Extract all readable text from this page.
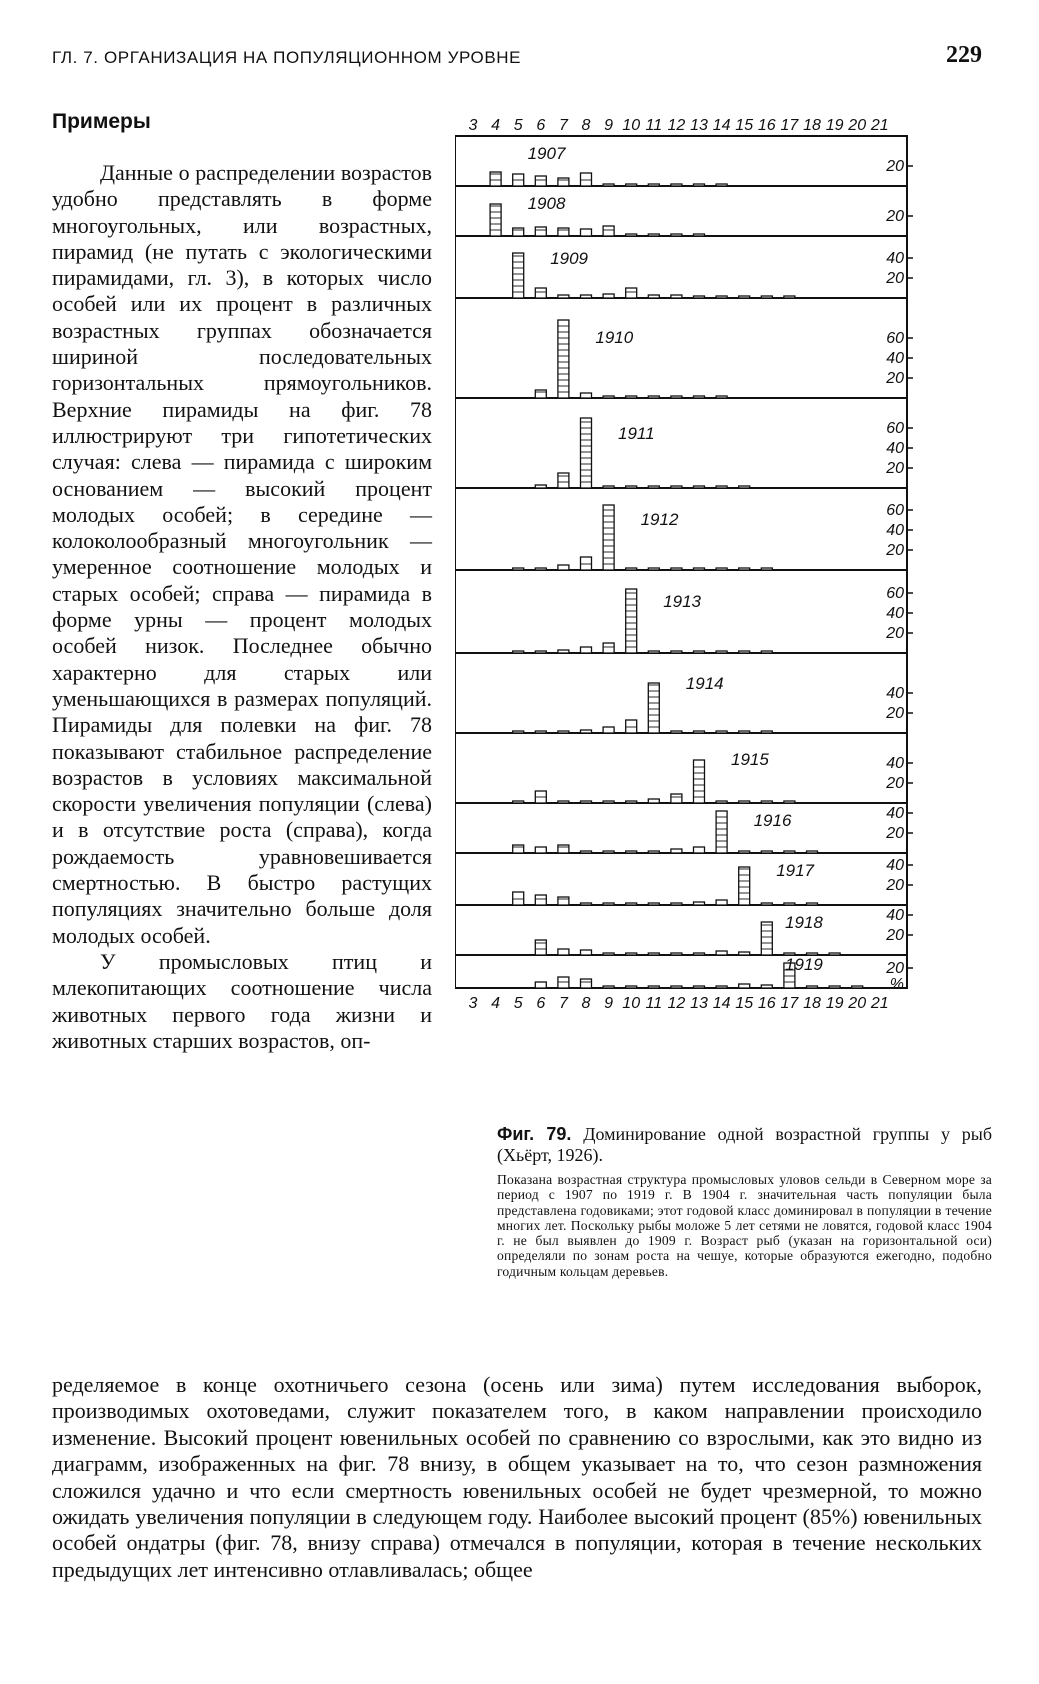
ГЛ. 7. ОРГАНИЗАЦИЯ НА ПОПУЛЯЦИОННОМ УРОВНЕ	229
Примеры

Данные о распределении возрастов удобно представлять в форме многоугольных, или возрастных, пирамид (не путать с экологическими пирамидами, гл. 3), в которых число особей или их процент в различных возрастных группах обозначается шириной последовательных горизонтальных прямоугольников. Верхние пирамиды на фиг. 78 иллюстрируют три гипотетических случая: слева — пирамида с широким основанием — высокий процент молодых особей; в середине — колоколообразный многоугольник — умеренное соотношение молодых и старых особей; справа — пирамида в форме урны — процент молодых особей низок. Последнее обычно характерно для старых или уменьшающихся в размерах популяций. Пирамиды для полевки на фиг. 78 показывают стабильное распределение возрастов в условиях максимальной скорости увеличения популяции (слева) и в отсутствие роста (справа), когда рождаемость уравновешивается смертностью. В быстро растущих популяциях значительно больше доля молодых особей.

У промысловых птиц и млекопитающих соотношение числа животных первого года жизни и животных старших возрастов, оп-

3
3
4
4
5
5
6
6
7
7
8
8
9
9
10
10
11
11
12
12
13
13
14
14
15
15
16
16
17
17
18
18
19
19
20
20
21
21
20
1907
20
1908
20
40
1909
20
40
60
1910
20
40
60
1911
20
40
60
1912
20
40
60
1913
20
40
1914
20
40
1915
20
40
1916
20
40
1917
20
40
1918
20
%
1919

Фиг. 79. Доминирование одной возрастной группы у рыб (Хьёрт, 1926).

Показана возрастная структура промысловых уловов сельди в Северном море за период с 1907 по 1919 г. В 1904 г. значительная часть популяции была представлена годовиками; этот годовой класс доминировал в популяции в течение многих лет. Поскольку рыбы моложе 5 лет сетями не ловятся, годовой класс 1904 г. не был выявлен до 1909 г. Возраст рыб (указан на горизонтальной оси) определяли по зонам роста на чешуе, которые образуются ежегодно, подобно годичным кольцам деревьев.

ределяемое в конце охотничьего сезона (осень или зима) путем исследования выборок, производимых охотоведами, служит показателем того, в каком направлении происходило изменение. Высокий процент ювенильных особей по сравнению со взрослыми, как это видно из диаграмм, изображенных на фиг. 78 внизу, в общем указывает на то, что сезон размножения сложился удачно и что если смертность ювенильных особей не будет чрезмерной, то можно ожидать увеличения популяции в следующем году. Наиболее высокий процент (85%) ювенильных особей ондатры (фиг. 78, внизу справа) отмечался в популяции, которая в течение нескольких предыдущих лет интенсивно отлавливалась; общее
